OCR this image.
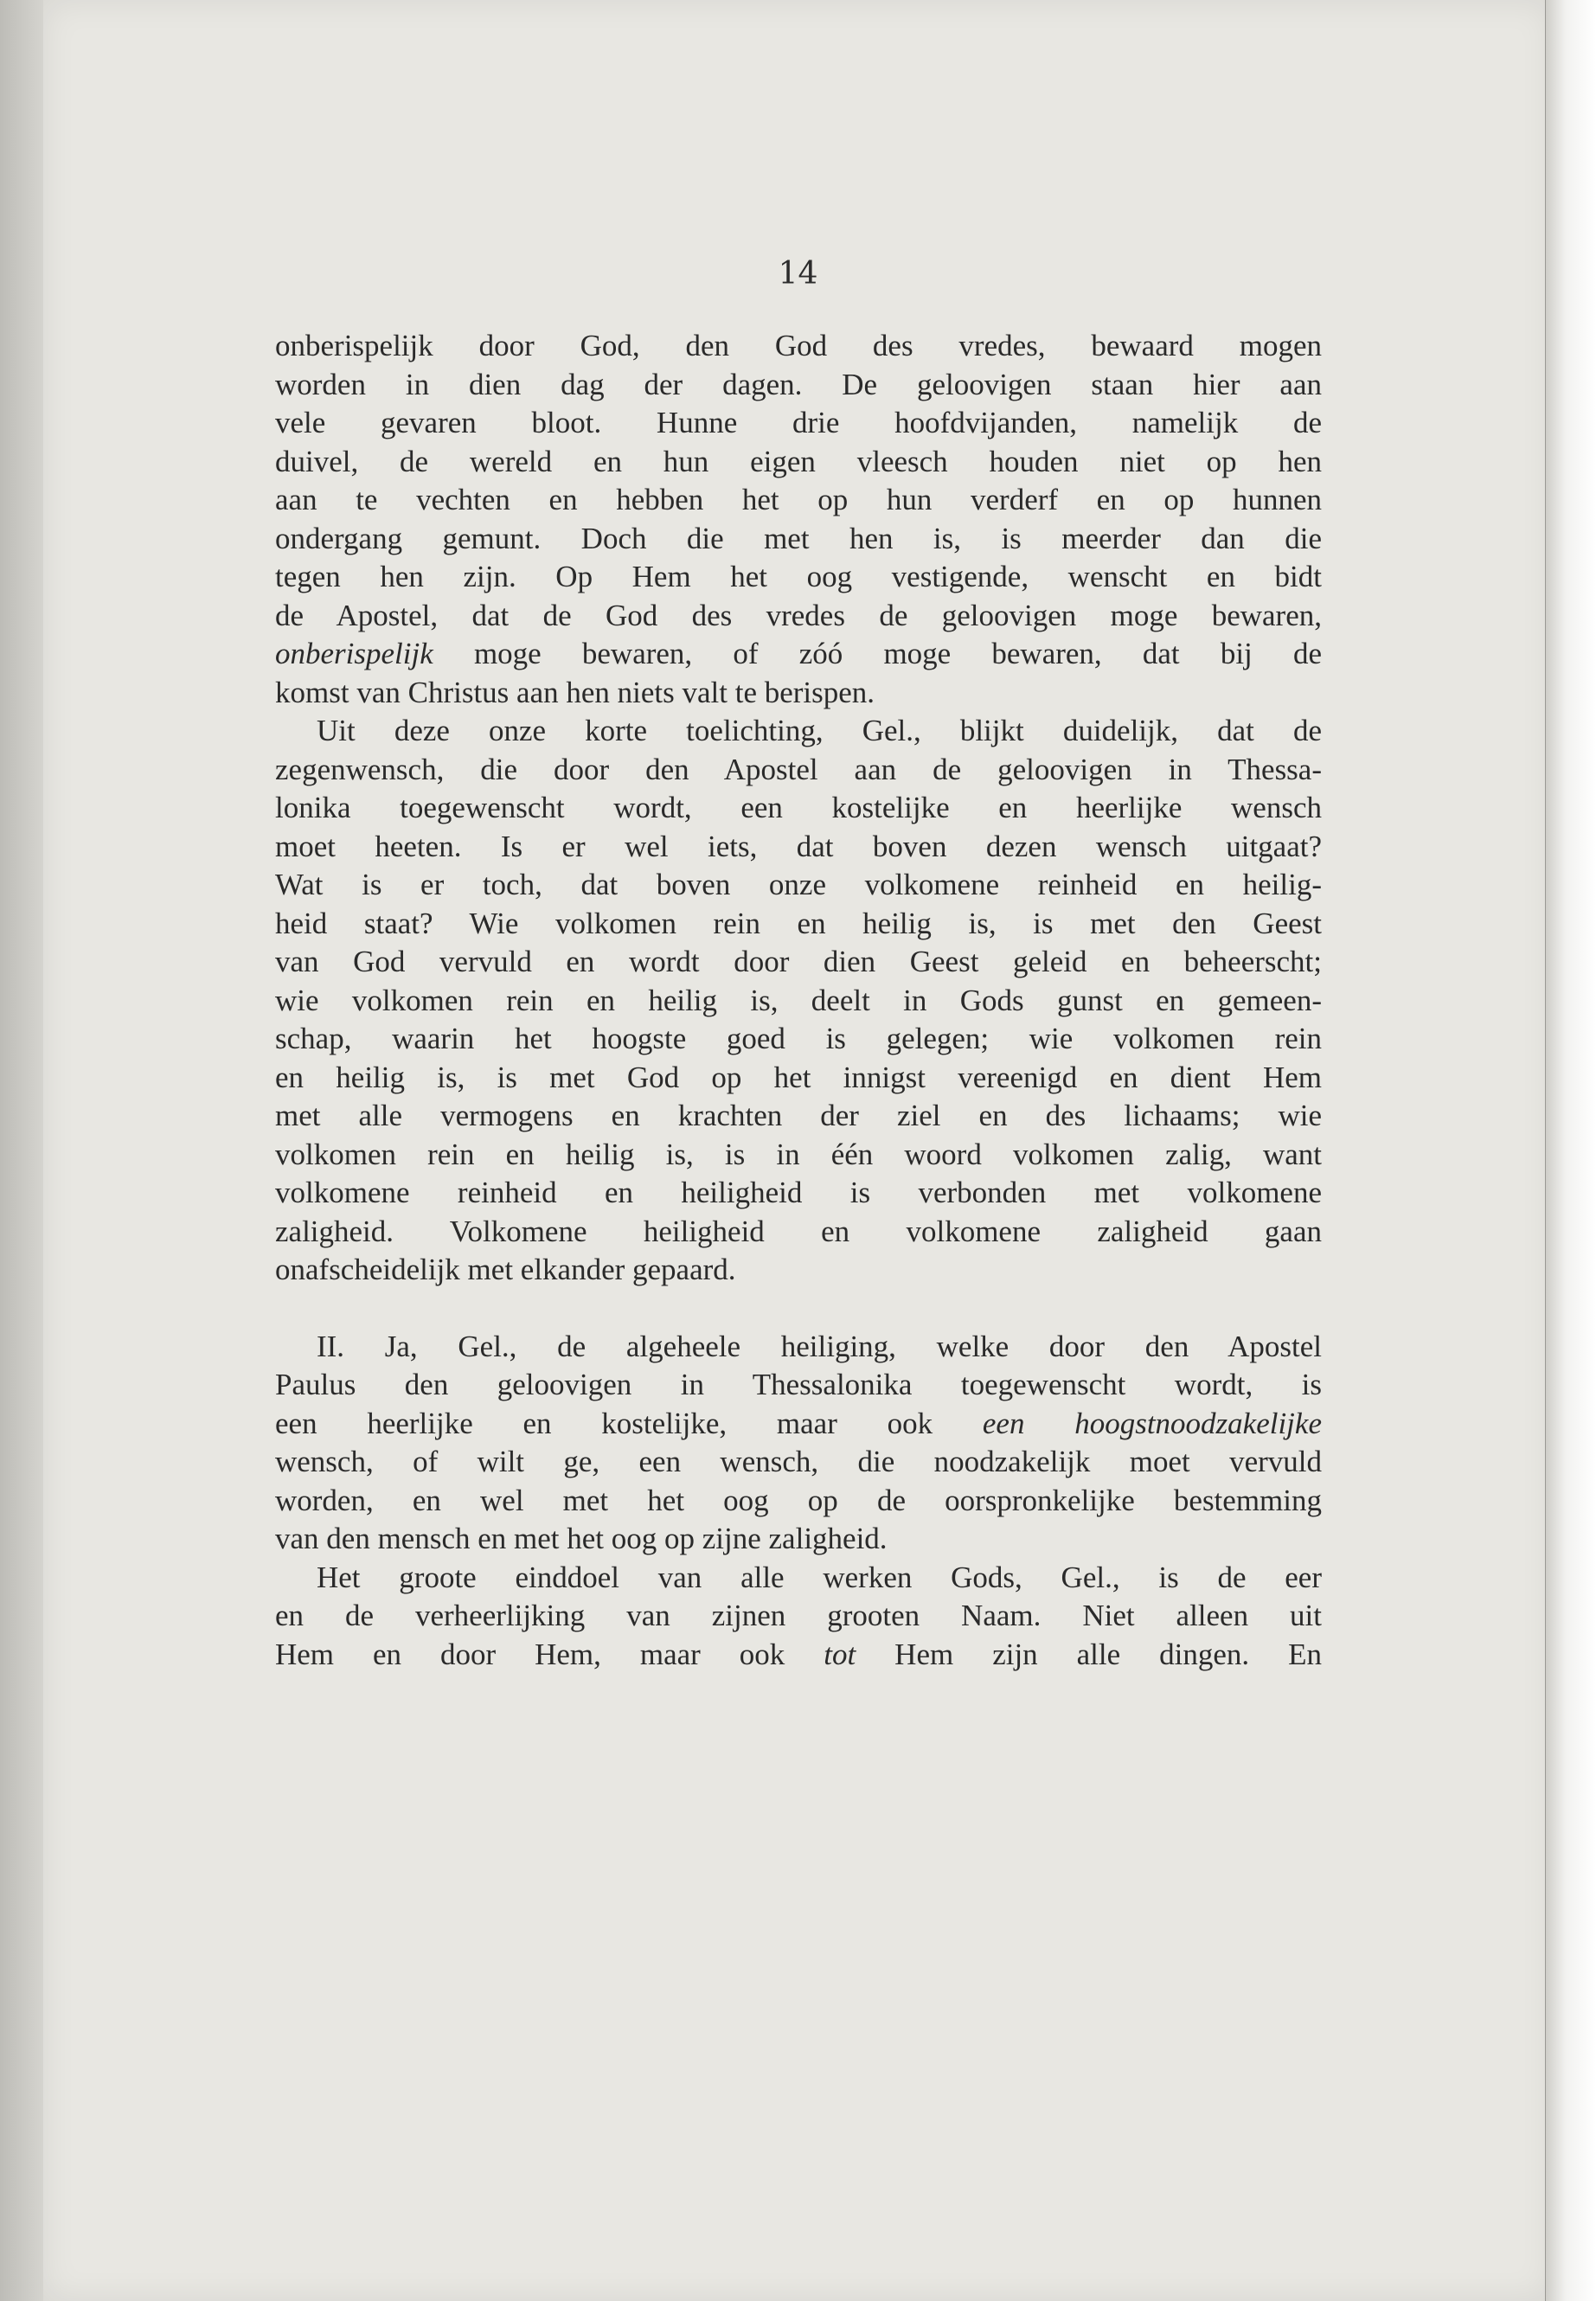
14
onberispelijk door God, den God des vredes, bewaard mogen
worden in dien dag der dagen. De geloovigen staan hier aan
vele gevaren bloot. Hunne drie hoofdvijanden, namelijk de
duivel, de wereld en hun eigen vleesch houden niet op hen
aan te vechten en hebben het op hun verderf en op hunnen
ondergang gemunt. Doch die met hen is, is meerder dan die
tegen hen zijn. Op Hem het oog vestigende, wenscht en bidt
de Apostel, dat de God des vredes de geloovigen moge bewaren,
onberispelijk moge bewaren, of zóó moge bewaren, dat bij de
komst van Christus aan hen niets valt te berispen.
Uit deze onze korte toelichting, Gel., blijkt duidelijk, dat de
zegenwensch, die door den Apostel aan de geloovigen in Thessa-
lonika toegewenscht wordt, een kostelijke en heerlijke wensch
moet heeten. Is er wel iets, dat boven dezen wensch uitgaat?
Wat is er toch, dat boven onze volkomene reinheid en heilig-
heid staat? Wie volkomen rein en heilig is, is met den Geest
van God vervuld en wordt door dien Geest geleid en beheerscht;
wie volkomen rein en heilig is, deelt in Gods gunst en gemeen-
schap, waarin het hoogste goed is gelegen; wie volkomen rein
en heilig is, is met God op het innigst vereenigd en dient Hem
met alle vermogens en krachten der ziel en des lichaams; wie
volkomen rein en heilig is, is in één woord volkomen zalig, want
volkomene reinheid en heiligheid is verbonden met volkomene
zaligheid. Volkomene heiligheid en volkomene zaligheid gaan
onafscheidelijk met elkander gepaard.
II. Ja, Gel., de algeheele heiliging, welke door den Apostel
Paulus den geloovigen in Thessalonika toegewenscht wordt, is
een heerlijke en kostelijke, maar ook een hoogstnoodzakelijke
wensch, of wilt ge, een wensch, die noodzakelijk moet vervuld
worden, en wel met het oog op de oorspronkelijke bestemming
van den mensch en met het oog op zijne zaligheid.
Het groote einddoel van alle werken Gods, Gel., is de eer
en de verheerlijking van zijnen grooten Naam. Niet alleen uit
Hem en door Hem, maar ook tot Hem zijn alle dingen. En
